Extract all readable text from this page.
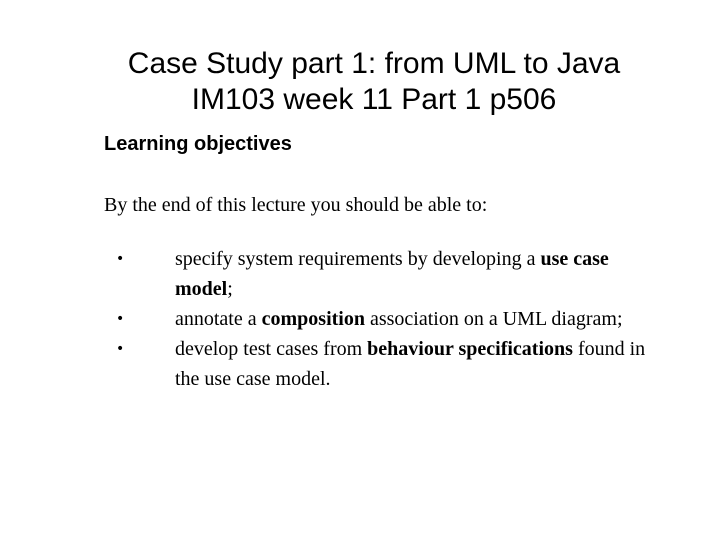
Case Study part 1: from UML to Java
IM103 week 11 Part 1 p506
Learning objectives

By the end of this lecture you should be able to:

•	specify system requirements by developing a use case model;
•	annotate a composition association on a UML diagram;
•	develop test cases from behaviour specifications found in the use case model.
